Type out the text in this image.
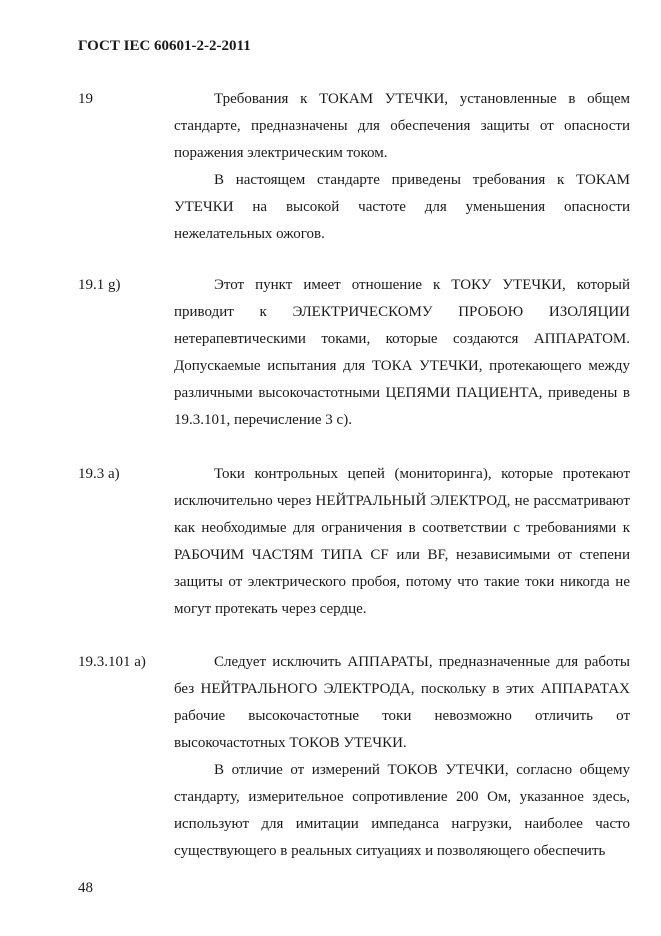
ГОСТ IEC 60601-2-2-2011
19	Требования к ТОКАМ УТЕЧКИ, установленные в общем стандарте, предназначены для обеспечения защиты от опасности поражения электрическим током.

В настоящем стандарте приведены требования к ТОКАМ УТЕЧКИ на высокой частоте для уменьшения опасности нежелательных ожогов.

19.1 g)	Этот пункт имеет отношение к ТОКУ УТЕЧКИ, который приводит к ЭЛЕКТРИЧЕСКОМУ ПРОБОЮ ИЗОЛЯЦИИ нетерапевтическими токами, которые создаются АППАРАТОМ. Допускаемые испытания для ТОКА УТЕЧКИ, протекающего между различными высокочастотными ЦЕПЯМИ ПАЦИЕНТА, приведены в 19.3.101, перечисление 3 с).

19.3 а)	Токи контрольных цепей (мониторинга), которые протекают исключительно через НЕЙТРАЛЬНЫЙ ЭЛЕКТРОД, не рассматривают как необходимые для ограничения в соответствии с требованиями к РАБОЧИМ ЧАСТЯМ ТИПА CF или BF, независимыми от степени защиты от электрического пробоя, потому что такие токи никогда не могут протекать через сердце.

19.3.101 а)	Следует исключить АППАРАТЫ, предназначенные для работы без НЕЙТРАЛЬНОГО ЭЛЕКТРОДА, поскольку в этих АППАРАТАХ рабочие высокочастотные токи невозможно отличить от высокочастотных ТОКОВ УТЕЧКИ.

В отличие от измерений ТОКОВ УТЕЧКИ, согласно общему стандарту, измерительное сопротивление 200 Ом, указанное здесь, используют для имитации импеданса нагрузки, наиболее часто существующего в реальных ситуациях и позволяющего обеспечить

48
